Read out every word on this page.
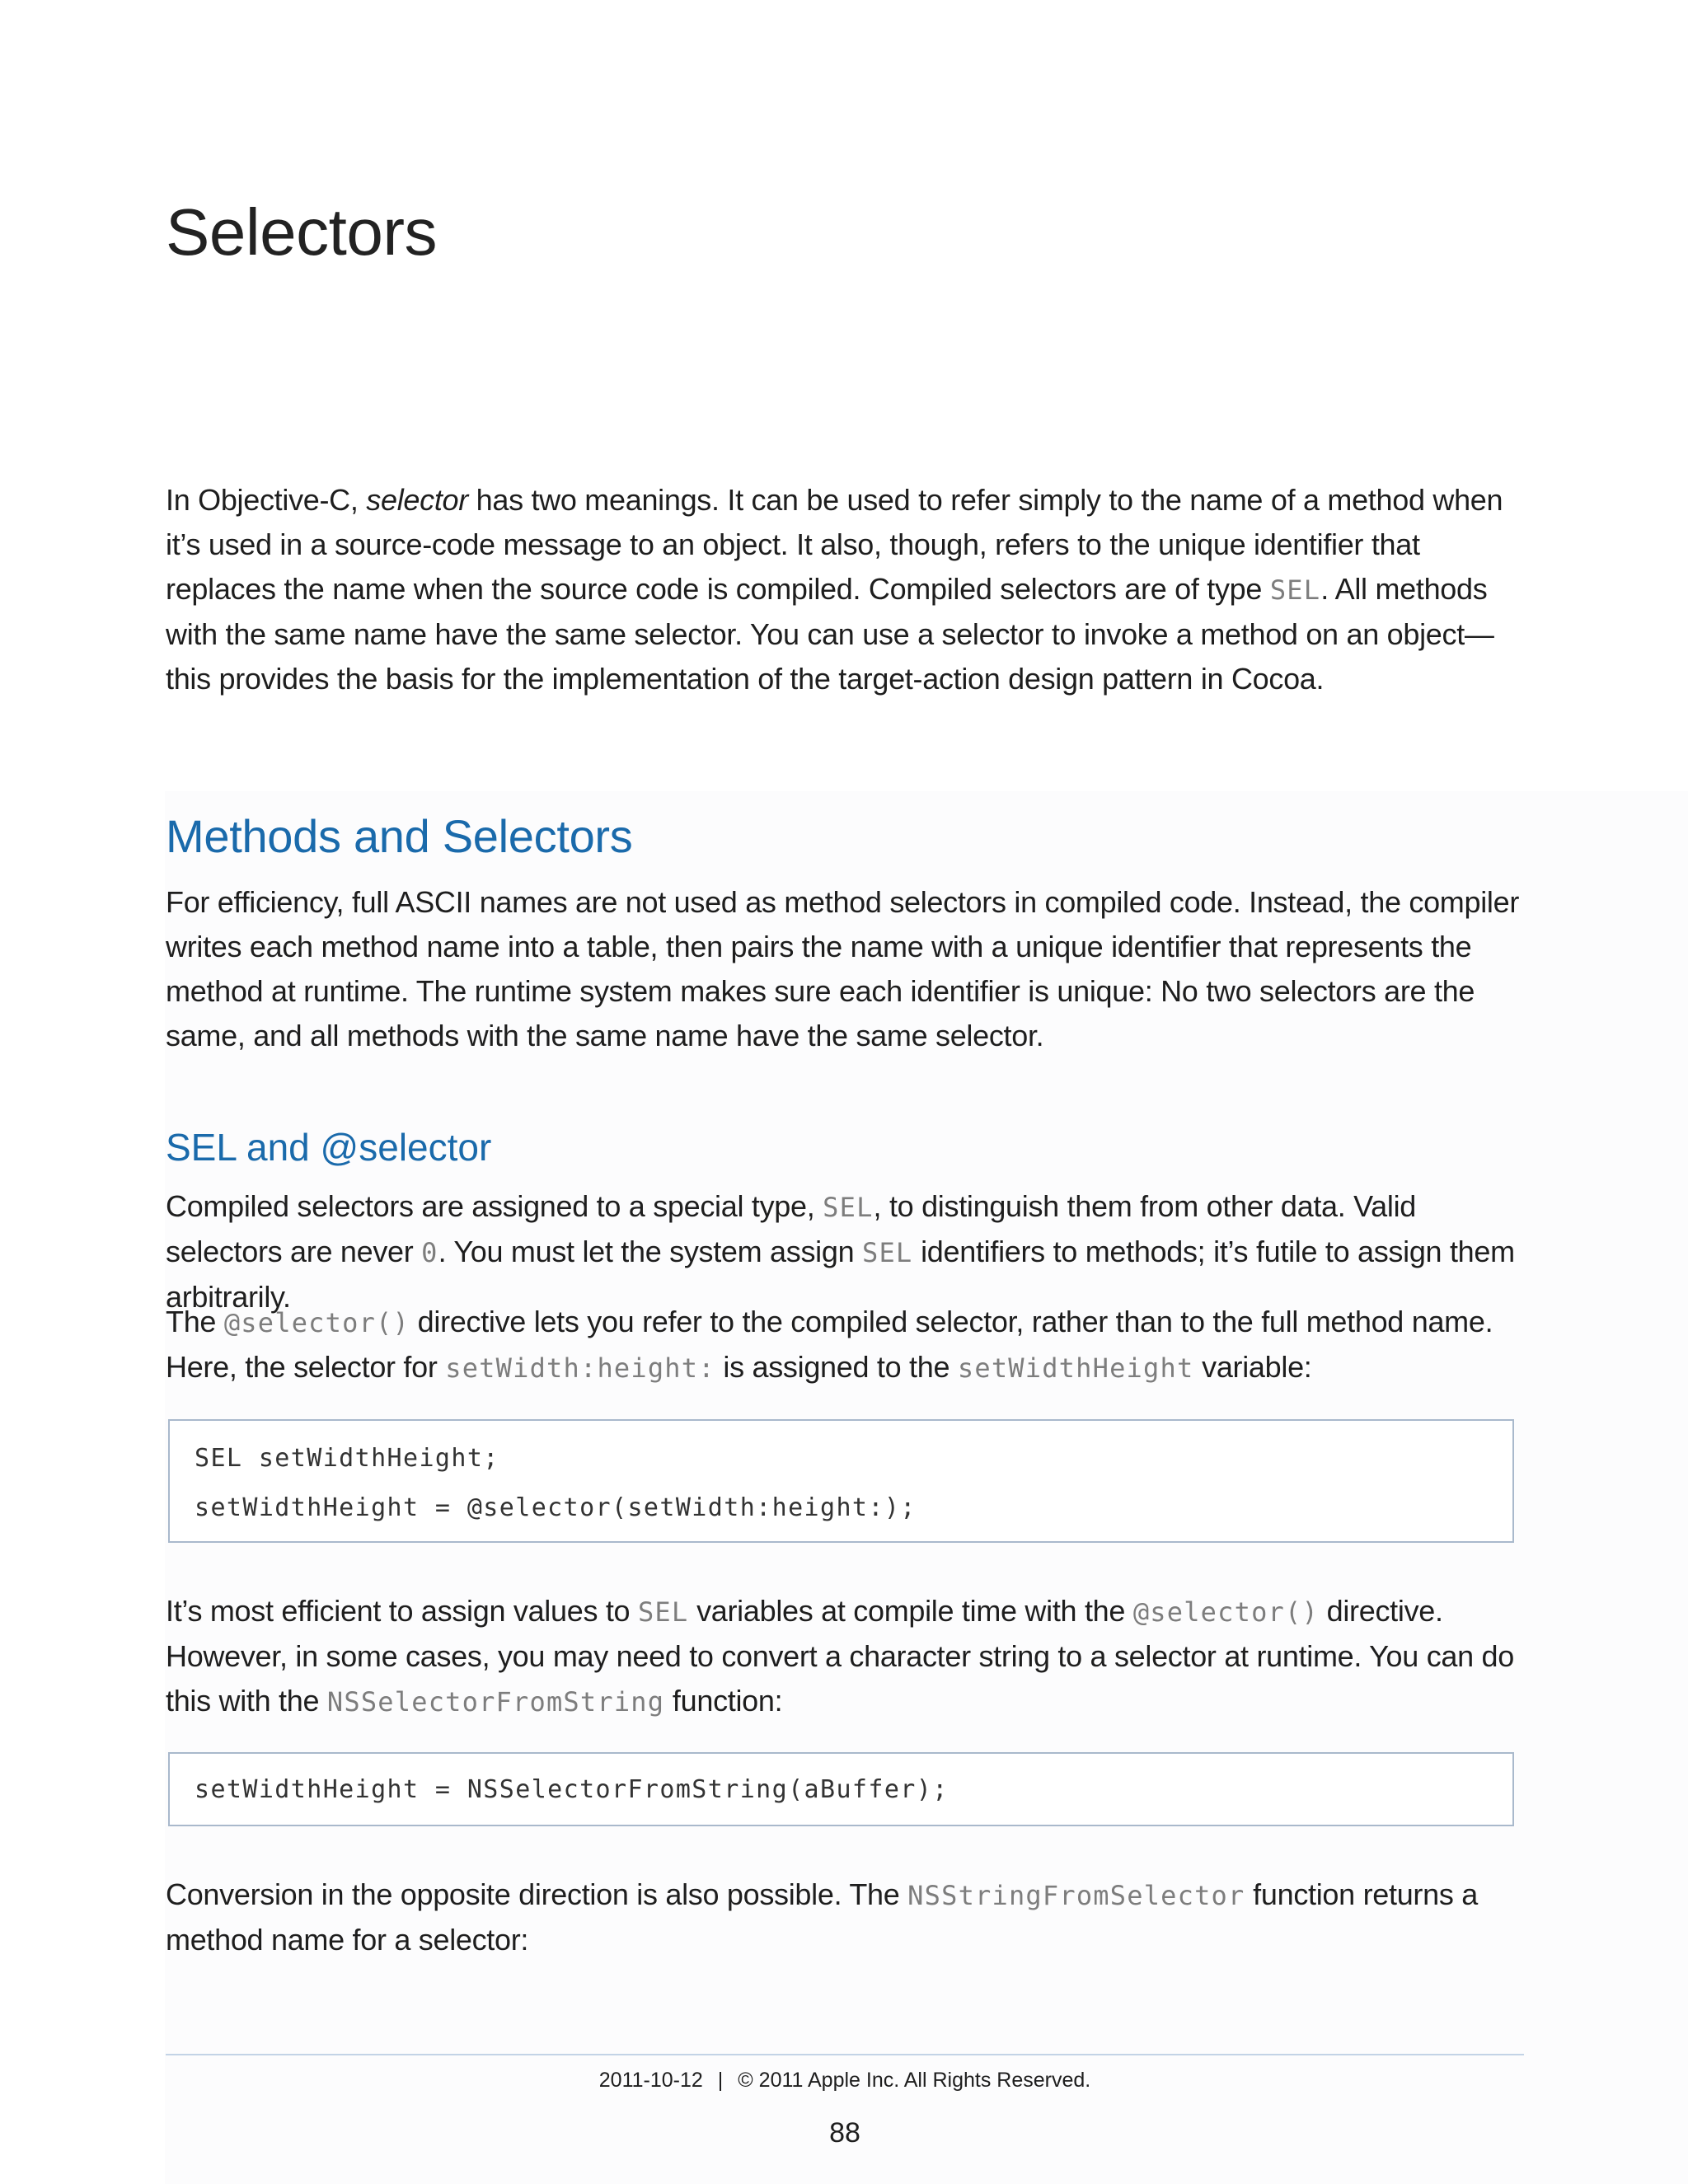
Selectors

In Objective-C, selector has two meanings. It can be used to refer simply to the name of a method when it’s used in a source-code message to an object. It also, though, refers to the unique identifier that replaces the name when the source code is compiled. Compiled selectors are of type SEL. All methods with the same name have the same selector. You can use a selector to invoke a method on an object—this provides the basis for the implementation of the target-action design pattern in Cocoa.

Methods and Selectors

For efficiency, full ASCII names are not used as method selectors in compiled code. Instead, the compiler writes each method name into a table, then pairs the name with a unique identifier that represents the method at runtime. The runtime system makes sure each identifier is unique: No two selectors are the same, and all methods with the same name have the same selector.

SEL and @selector

Compiled selectors are assigned to a special type, SEL, to distinguish them from other data. Valid selectors are never 0. You must let the system assign SEL identifiers to methods; it’s futile to assign them arbitrarily.

The @selector() directive lets you refer to the compiled selector, rather than to the full method name. Here, the selector for setWidth:height: is assigned to the setWidthHeight variable:

SEL setWidthHeight;
setWidthHeight = @selector(setWidth:height:);

It’s most efficient to assign values to SEL variables at compile time with the @selector() directive. However, in some cases, you may need to convert a character string to a selector at runtime. You can do this with the NSSelectorFromString function:

setWidthHeight = NSSelectorFromString(aBuffer);

Conversion in the opposite direction is also possible. The NSStringFromSelector function returns a method name for a selector:

2011-10-12 | © 2011 Apple Inc. All Rights Reserved.
88
